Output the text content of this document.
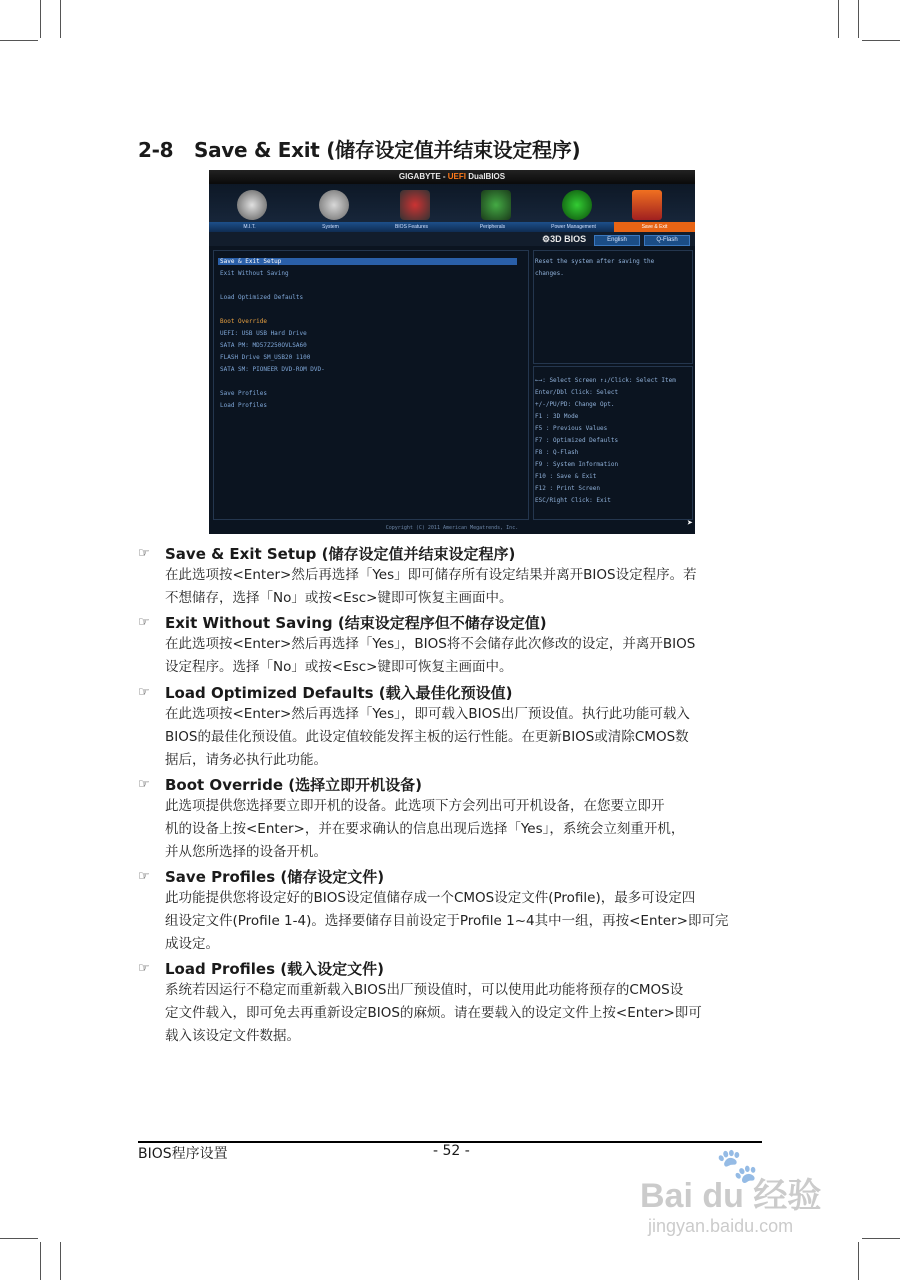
2-8 Save & Exit (储存设定值并结束设定程序)
GIGABYTE - UEFI DualBIOS
M.I.T.	System	BIOS Features	Peripherals	Power Management	Save & Exit
⚙3D BIOS	English	Q-Flash
Save & Exit Setup
Exit Without Saving
Load Optimized Defaults
Boot Override
UEFI: USB USB Hard Drive
SATA PM: MD57Z250OVLSA60
FLASH Drive SM_USB20 1100
SATA SM: PIONEER DVD-ROM DVD-
Save Profiles
Load Profiles
Reset the system after saving the
changes.
←→: Select Screen ↑↓/Click: Select Item
Enter/Dbl Click: Select
+/-/PU/PD: Change Opt.
F1 : 3D Mode
F5 : Previous Values
F7 : Optimized Defaults
F8 : Q-Flash
F9 : System Information
F10 : Save & Exit
F12 : Print Screen
ESC/Right Click: Exit
Copyright (C) 2011 American Megatrends, Inc.	➤
☞ Save & Exit Setup (储存设定值并结束设定程序)
在此选项按<Enter>然后再选择「Yes」即可储存所有设定结果并离开BIOS设定程序。若
不想储存，选择「No」或按<Esc>键即可恢复主画面中。
☞ Exit Without Saving (结束设定程序但不储存设定值)
在此选项按<Enter>然后再选择「Yes」，BIOS将不会储存此次修改的设定，并离开BIOS
设定程序。选择「No」或按<Esc>键即可恢复主画面中。
☞ Load Optimized Defaults (载入最佳化预设值)
在此选项按<Enter>然后再选择「Yes」，即可载入BIOS出厂预设值。执行此功能可载入
BIOS的最佳化预设值。此设定值较能发挥主板的运行性能。在更新BIOS或清除CMOS数
据后，请务必执行此功能。
☞ Boot Override (选择立即开机设备)
此选项提供您选择要立即开机的设备。此选项下方会列出可开机设备，在您要立即开
机的设备上按<Enter>，并在要求确认的信息出现后选择「Yes」，系统会立刻重开机，
并从您所选择的设备开机。
☞ Save Profiles (储存设定文件)
此功能提供您将设定好的BIOS设定值储存成一个CMOS设定文件(Profile)，最多可设定四
组设定文件(Profile 1-4)。选择要储存目前设定于Profile 1~4其中一组，再按<Enter>即可完
成设定。
☞ Load Profiles (载入设定文件)
系统若因运行不稳定而重新载入BIOS出厂预设值时，可以使用此功能将预存的CMOS设
定文件载入，即可免去再重新设定BIOS的麻烦。请在要载入的设定文件上按<Enter>即可
载入该设定文件数据。
BIOS程序设置	- 52 -	🐾
Bai du 经验
jingyan.baidu.com
